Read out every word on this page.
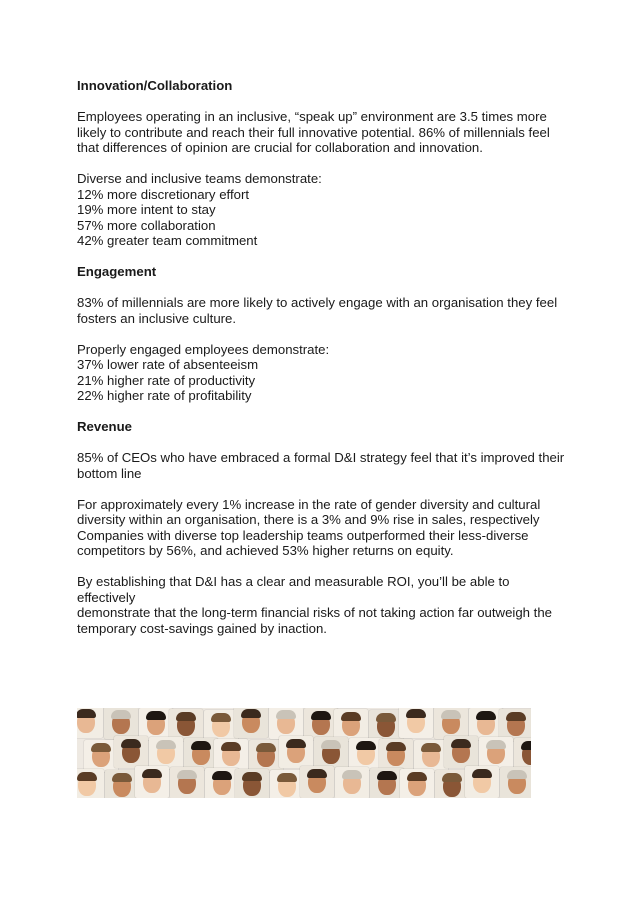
Innovation/Collaboration

Employees operating in an inclusive, “speak up” environment are 3.5 times more

likely to contribute and reach their full innovative potential. 86% of millennials feel

that differences of opinion are crucial for collaboration and innovation.

Diverse and inclusive teams demonstrate:

12% more discretionary effort

19% more intent to stay

57% more collaboration

42% greater team commitment

Engagement

83% of millennials are more likely to actively engage with an organisation they feel

fosters an inclusive culture.

Properly engaged employees demonstrate:

37% lower rate of absenteeism

21% higher rate of productivity

22% higher rate of profitability

Revenue

85% of CEOs who have embraced a formal D&I strategy feel that it’s improved their

bottom line

For approximately every 1% increase in the rate of gender diversity and cultural

diversity within an organisation, there is a 3% and 9% rise in sales, respectively

Companies with diverse top leadership teams outperformed their less-diverse

competitors by 56%, and achieved 53% higher returns on equity.

By establishing that D&I has a clear and measurable ROI, you’ll be able to effectively

demonstrate that the long-term financial risks of not taking action far outweigh the

temporary cost-savings gained by inaction.
